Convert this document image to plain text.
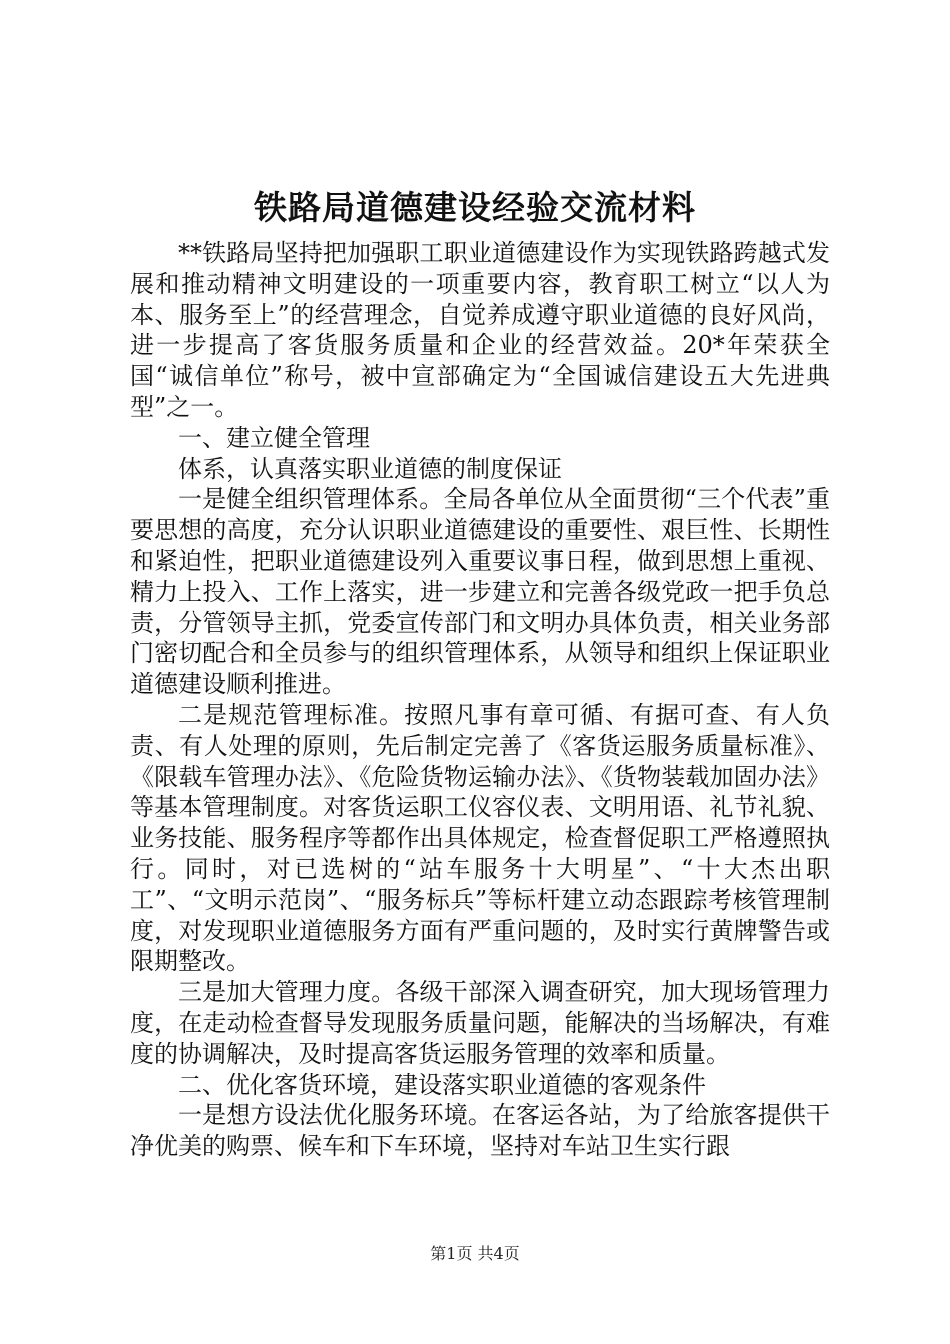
铁路局道德建设经验交流材料

**铁路局坚持把加强职工职业道德建设作为实现铁路跨越式发展和推动精神文明建设的一项重要内容，教育职工树立“以人为本、服务至上”的经营理念，自觉养成遵守职业道德的良好风尚，进一步提高了客货服务质量和企业的经营效益。20*年荣获全国“诚信单位”称号，被中宣部确定为“全国诚信建设五大先进典型”之一。

一、建立健全管理

体系，认真落实职业道德的制度保证

一是健全组织管理体系。全局各单位从全面贯彻“三个代表”重要思想的高度，充分认识职业道德建设的重要性、艰巨性、长期性和紧迫性，把职业道德建设列入重要议事日程，做到思想上重视、精力上投入、工作上落实，进一步建立和完善各级党政一把手负总责，分管领导主抓，党委宣传部门和文明办具体负责，相关业务部门密切配合和全员参与的组织管理体系，从领导和组织上保证职业道德建设顺利推进。

二是规范管理标准。按照凡事有章可循、有据可查、有人负责、有人处理的原则，先后制定完善了《客货运服务质量标准》、《限载车管理办法》、《危险货物运输办法》、《货物装载加固办法》等基本管理制度。对客货运职工仪容仪表、文明用语、礼节礼貌、业务技能、服务程序等都作出具体规定，检查督促职工严格遵照执行。同时，对已选树的“站车服务十大明星”、“十大杰出职工”、“文明示范岗”、“服务标兵”等标杆建立动态跟踪考核管理制度，对发现职业道德服务方面有严重问题的，及时实行黄牌警告或限期整改。

三是加大管理力度。各级干部深入调查研究，加大现场管理力度，在走动检查督导发现服务质量问题，能解决的当场解决，有难度的协调解决，及时提高客货运服务管理的效率和质量。

二、优化客货环境，建设落实职业道德的客观条件

一是想方设法优化服务环境。在客运各站，为了给旅客提供干净优美的购票、候车和下车环境，坚持对车站卫生实行跟

第1页 共4页
